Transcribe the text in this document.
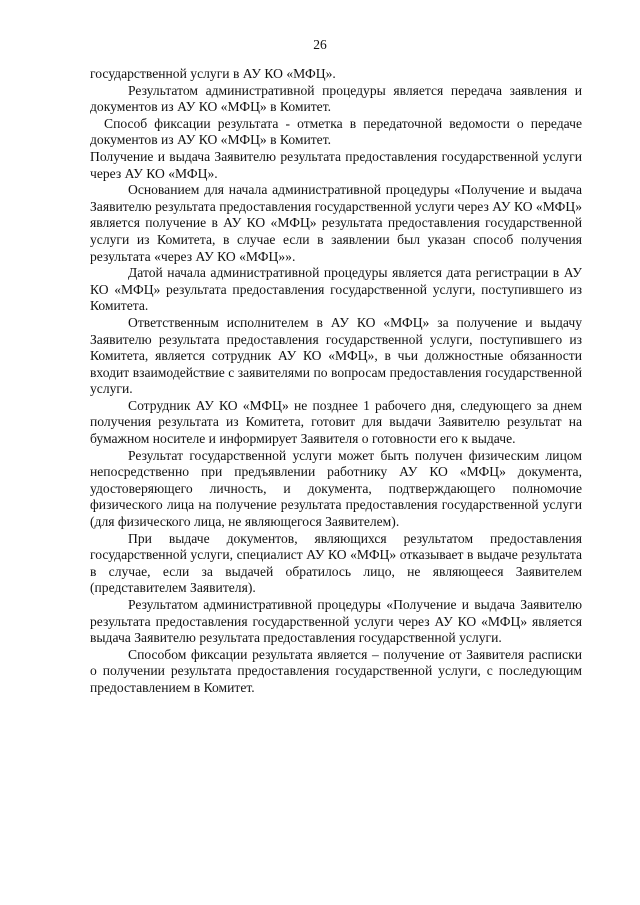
26

государственной услуги в АУ КО «МФЦ».

Результатом административной процедуры является передача заявления и документов из АУ КО «МФЦ» в Комитет.

Способ фиксации результата - отметка в передаточной ведомости о передаче документов из АУ КО «МФЦ» в Комитет.

Получение и выдача Заявителю результата предоставления государственной услуги через АУ КО «МФЦ».

Основанием для начала административной процедуры «Получение и выдача Заявителю результата предоставления государственной услуги через АУ КО «МФЦ» является получение в АУ КО «МФЦ» результата предоставления государственной услуги из Комитета, в случае если в заявлении был указан способ получения результата «через АУ КО «МФЦ»».

Датой начала административной процедуры является дата регистрации в АУ КО «МФЦ» результата предоставления государственной услуги, поступившего из Комитета.

Ответственным исполнителем в АУ КО «МФЦ» за получение и выдачу Заявителю результата предоставления государственной услуги, поступившего из Комитета, является сотрудник АУ КО «МФЦ», в чьи должностные обязанности входит взаимодействие с заявителями по вопросам предоставления государственной услуги.

Сотрудник АУ КО «МФЦ» не позднее 1 рабочего дня, следующего за днем получения результата из Комитета, готовит для выдачи Заявителю результат на бумажном носителе и информирует Заявителя о готовности его к выдаче.

Результат государственной услуги может быть получен физическим лицом непосредственно при предъявлении работнику АУ КО «МФЦ» документа, удостоверяющего личность, и документа, подтверждающего полномочие физического лица на получение результата предоставления государственной услуги (для физического лица, не являющегося Заявителем).

При выдаче документов, являющихся результатом предоставления государственной услуги, специалист АУ КО «МФЦ» отказывает в выдаче результата в случае, если за выдачей обратилось лицо, не являющееся Заявителем (представителем Заявителя).

Результатом административной процедуры «Получение и выдача Заявителю результата предоставления государственной услуги через АУ КО «МФЦ» является выдача Заявителю результата предоставления государственной услуги.

Способом фиксации результата является – получение от Заявителя расписки о получении результата предоставления государственной услуги, с последующим предоставлением в Комитет.
